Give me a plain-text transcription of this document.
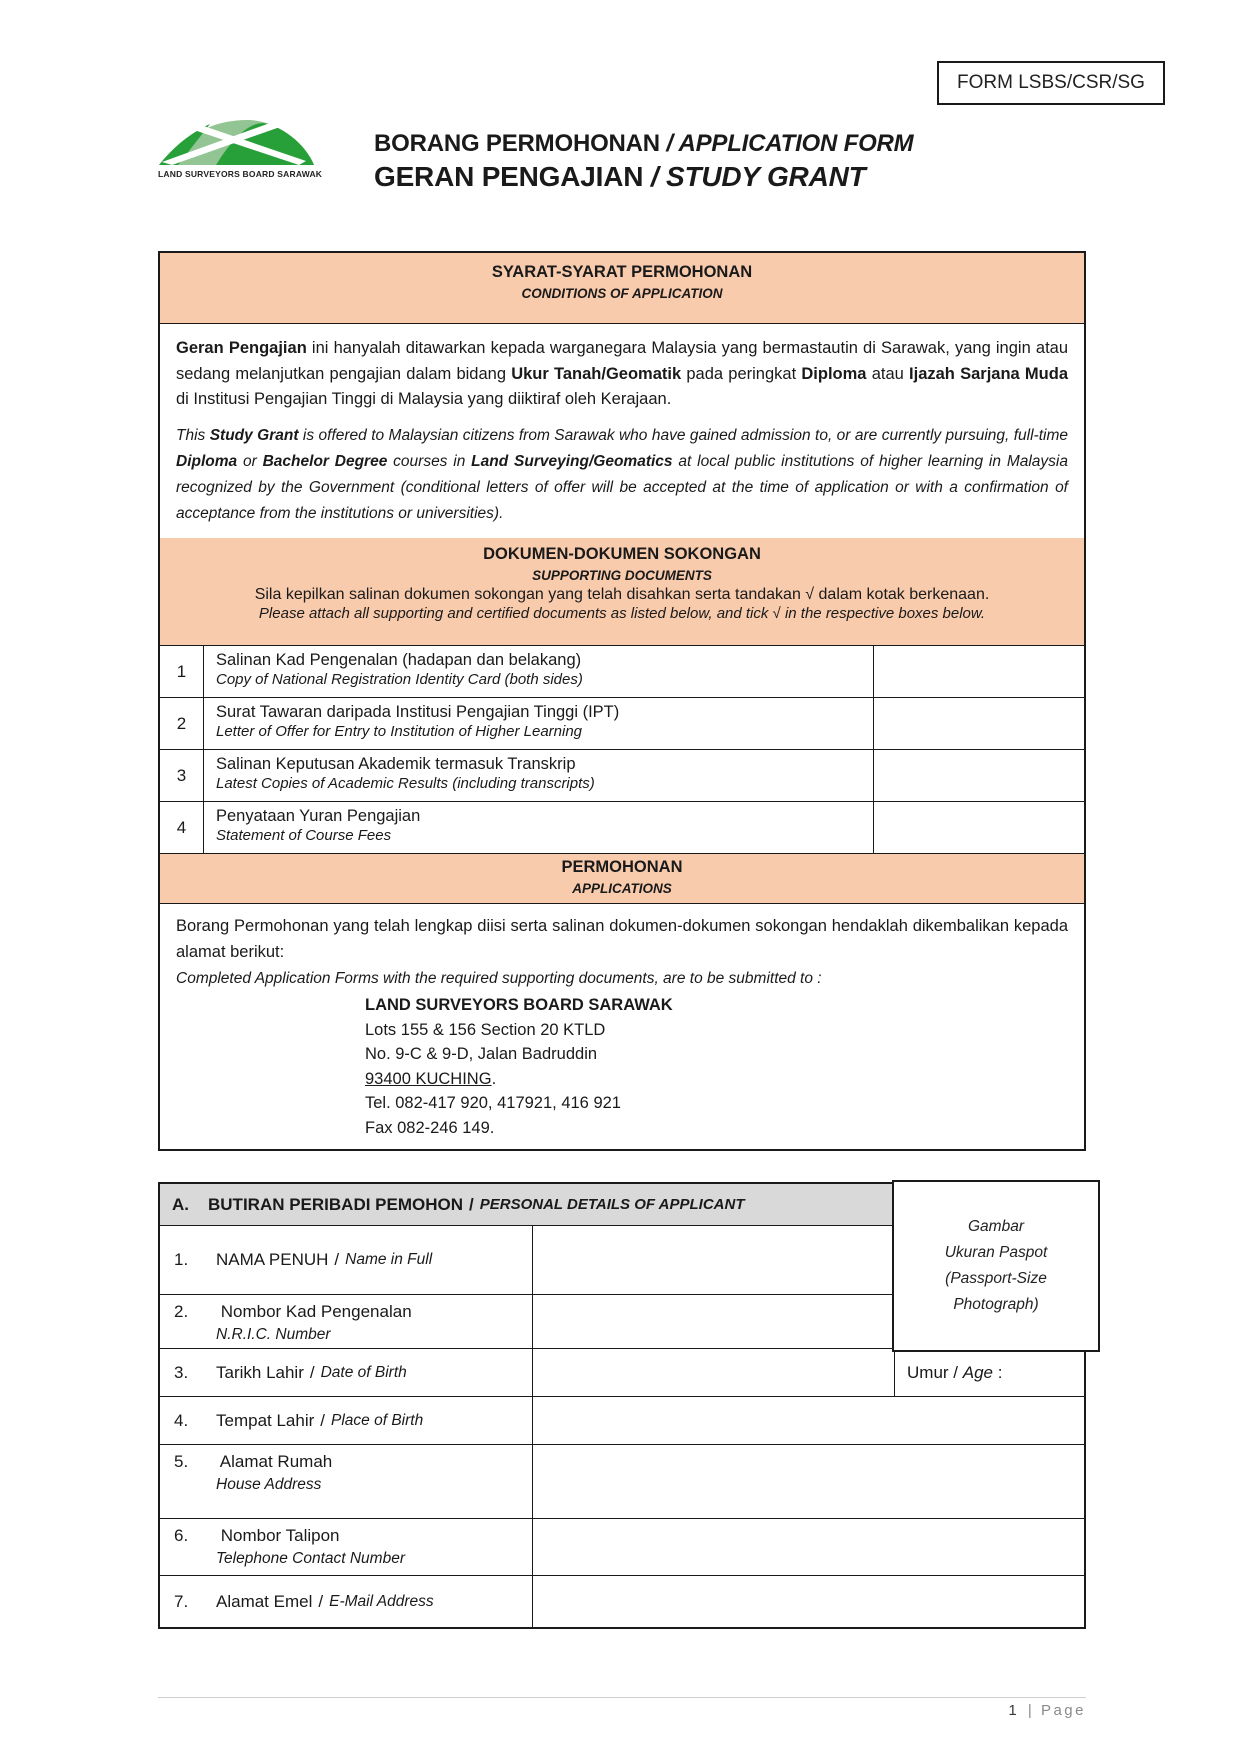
FORM LSBS/CSR/SG
LAND SURVEYORS BOARD SARAWAK
BORANG PERMOHONAN / APPLICATION FORM
GERAN PENGAJIAN / STUDY GRANT
SYARAT-SYARAT PERMOHONAN
CONDITIONS OF APPLICATION

Geran Pengajian ini hanyalah ditawarkan kepada warganegara Malaysia yang bermastautin di Sarawak, yang ingin atau sedang melanjutkan pengajian dalam bidang Ukur Tanah/Geomatik pada peringkat Diploma atau Ijazah Sarjana Muda di Institusi Pengajian Tinggi di Malaysia yang diiktiraf oleh Kerajaan.

This Study Grant is offered to Malaysian citizens from Sarawak who have gained admission to, or are currently pursuing, full-time Diploma or Bachelor Degree courses in Land Surveying/Geomatics at local public institutions of higher learning in Malaysia recognized by the Government (conditional letters of offer will be accepted at the time of application or with a confirmation of acceptance from the institutions or universities).

DOKUMEN-DOKUMEN SOKONGAN
SUPPORTING DOCUMENTS
Sila kepilkan salinan dokumen sokongan yang telah disahkan serta tandakan √ dalam kotak berkenaan.
Please attach all supporting and certified documents as listed below, and tick √ in the respective boxes below.
1
Salinan Kad Pengenalan (hadapan dan belakang)
Copy of National Registration Identity Card (both sides)
2
Surat Tawaran daripada Institusi Pengajian Tinggi (IPT)
Letter of Offer for Entry to Institution of Higher Learning
3
Salinan Keputusan Akademik termasuk Transkrip
Latest Copies of Academic Results (including transcripts)
4
Penyataan Yuran Pengajian
Statement of Course Fees
PERMOHONAN
APPLICATIONS

Borang Permohonan yang telah lengkap diisi serta salinan dokumen-dokumen sokongan hendaklah dikembalikan kepada alamat berikut:

Completed Application Forms with the required supporting documents, are to be submitted to :

LAND SURVEYORS BOARD SARAWAK
Lots 155 & 156 Section 20 KTLD
No. 9-C & 9-D, Jalan Badruddin
93400 KUCHING.
Tel. 082-417 920, 417921, 416 921
Fax 082-246 149.
A.	BUTIRAN PERIBADI PEMOHON / PERSONAL DETAILS OF APPLICANT
1.	NAMA PENUH / Name in Full
2. Nombor Kad Pengenalan
N.R.I.C. Number
3.	Tarikh Lahir / Date of Birth	Umur / Age :
4.	Tempat Lahir / Place of Birth
5. Alamat Rumah
House Address
6. Nombor Talipon
Telephone Contact Number
7.	Alamat Emel / E-Mail Address
Gambar
Ukuran Paspot
(Passport-Size
Photograph)
1 | Page
